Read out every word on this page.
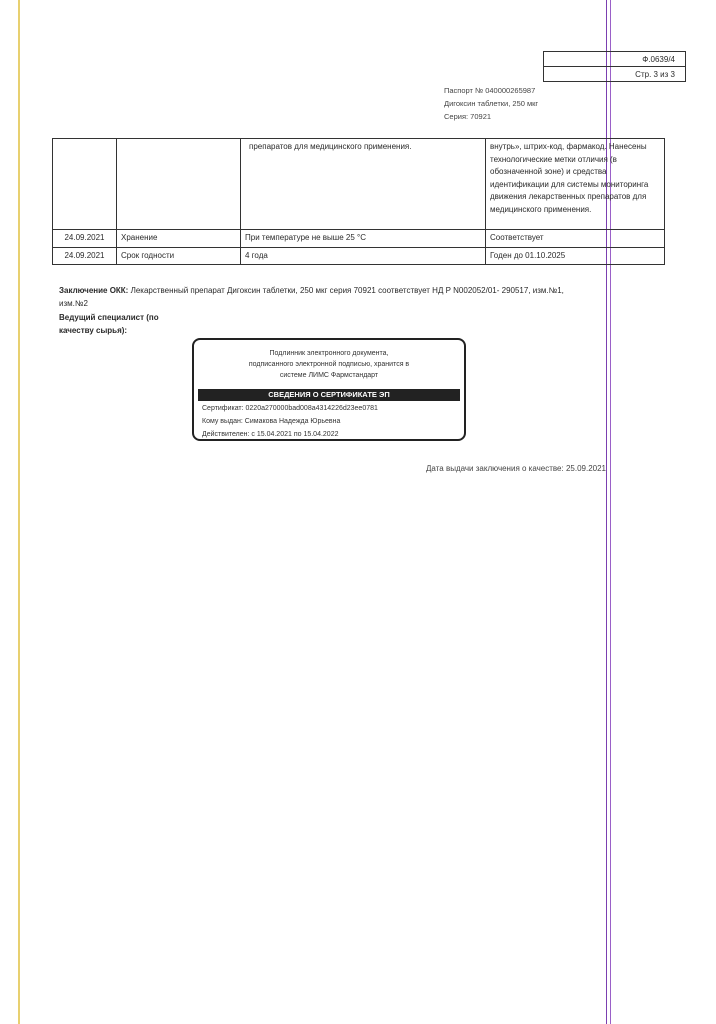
Ф.0639/4
Стр. 3 из 3
Паспорт № 040000265987
Дигоксин таблетки, 250 мкг
Серия: 70921
		препаратов для медицинского применения.	внутрь», штрих-код, фармакод. Нанесены технологические метки отличия (в обозначенной зоне) и средства идентификации для системы мониторинга движения лекарственных препаратов для медицинского применения.
24.09.2021	Хранение	При температуре не выше 25 °C	Соответствует
24.09.2021	Срок годности	4 года	Годен до 01.10.2025
Заключение ОКК: Лекарственный препарат Дигоксин таблетки, 250 мкг серия 70921 соответствует НД Р N002052/01- 290517, изм.№1, изм.№2
Ведущий специалист (по качеству сырья):
Подлинник электронного документа,
подписанного электронной подписью, хранится в
системе ЛИМС Фармстандарт
СВЕДЕНИЯ О СЕРТИФИКАТЕ ЭП
Сертификат: 0220a270000bad008a4314226d23ee0781
Кому выдан: Симакова Надежда Юрьевна
Действителен: с 15.04.2021 по 15.04.2022
Дата выдачи заключения о качестве: 25.09.2021
